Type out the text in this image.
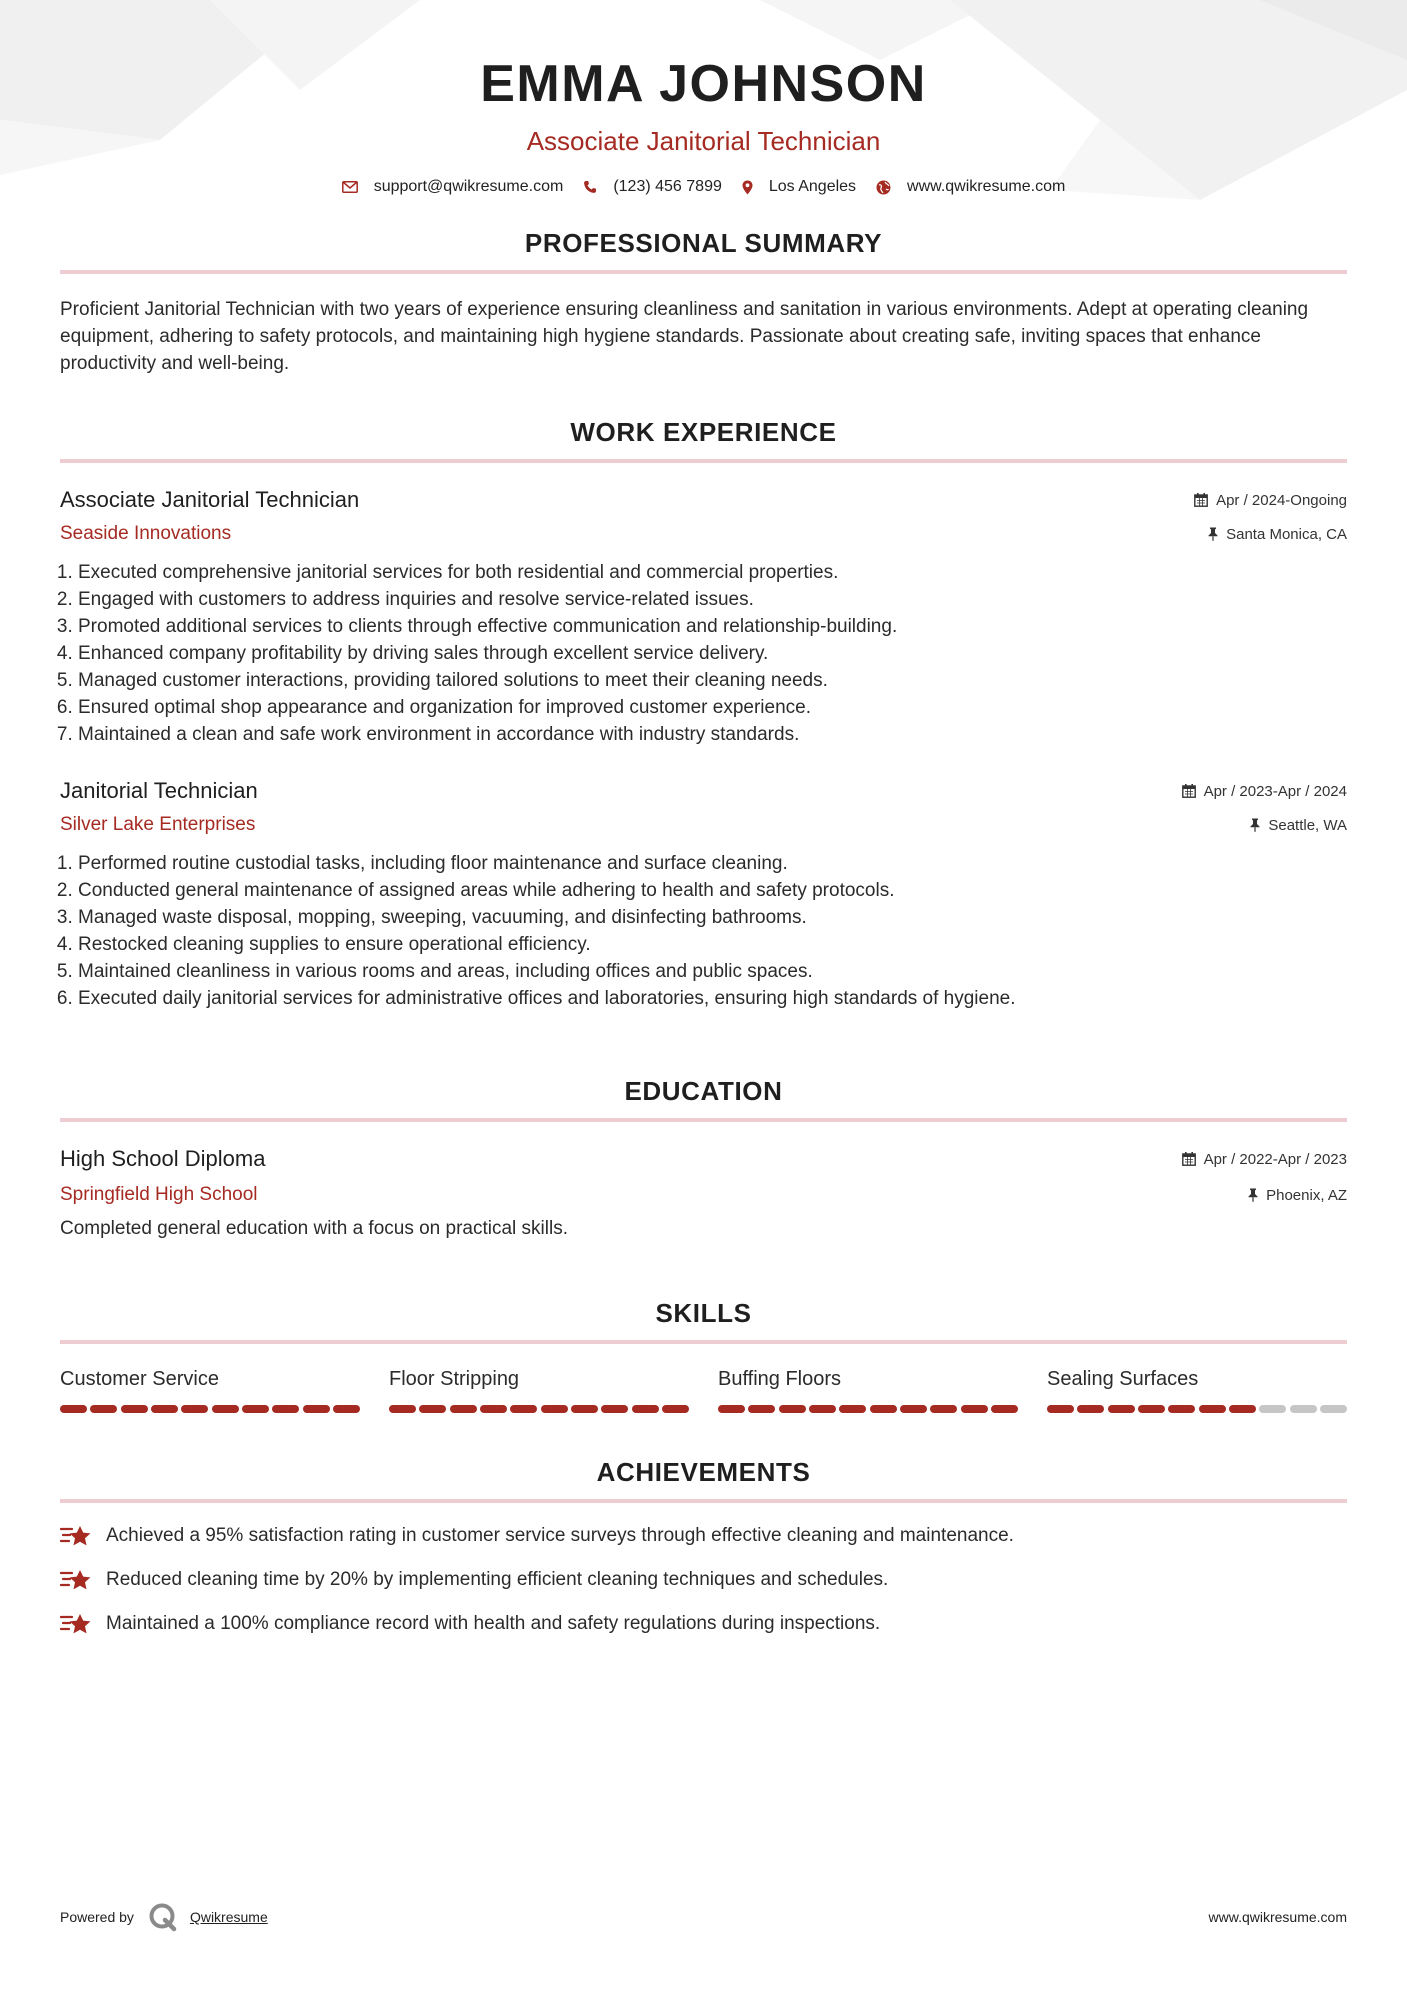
EMMA JOHNSON
Associate Janitorial Technician
support@qwikresume.com	(123) 456 7899	Los Angeles	www.qwikresume.com
PROFESSIONAL SUMMARY
Proficient Janitorial Technician with two years of experience ensuring cleanliness and sanitation in various environments. Adept at operating cleaning equipment, adhering to safety protocols, and maintaining high hygiene standards. Passionate about creating safe, inviting spaces that enhance productivity and well-being.
WORK EXPERIENCE
Associate Janitorial Technician	Apr / 2024-Ongoing
Seaside Innovations	Santa Monica, CA
1. Executed comprehensive janitorial services for both residential and commercial properties.
2. Engaged with customers to address inquiries and resolve service-related issues.
3. Promoted additional services to clients through effective communication and relationship-building.
4. Enhanced company profitability by driving sales through excellent service delivery.
5. Managed customer interactions, providing tailored solutions to meet their cleaning needs.
6. Ensured optimal shop appearance and organization for improved customer experience.
7. Maintained a clean and safe work environment in accordance with industry standards.
Janitorial Technician	Apr / 2023-Apr / 2024
Silver Lake Enterprises	Seattle, WA
1. Performed routine custodial tasks, including floor maintenance and surface cleaning.
2. Conducted general maintenance of assigned areas while adhering to health and safety protocols.
3. Managed waste disposal, mopping, sweeping, vacuuming, and disinfecting bathrooms.
4. Restocked cleaning supplies to ensure operational efficiency.
5. Maintained cleanliness in various rooms and areas, including offices and public spaces.
6. Executed daily janitorial services for administrative offices and laboratories, ensuring high standards of hygiene.
EDUCATION
High School Diploma	Apr / 2022-Apr / 2023
Springfield High School	Phoenix, AZ
Completed general education with a focus on practical skills.
SKILLS
Customer Service	Floor Stripping	Buffing Floors	Sealing Surfaces
ACHIEVEMENTS
Achieved a 95% satisfaction rating in customer service surveys through effective cleaning and maintenance.
Reduced cleaning time by 20% by implementing efficient cleaning techniques and schedules.
Maintained a 100% compliance record with health and safety regulations during inspections.
Powered by	Qwikresume	www.qwikresume.com
